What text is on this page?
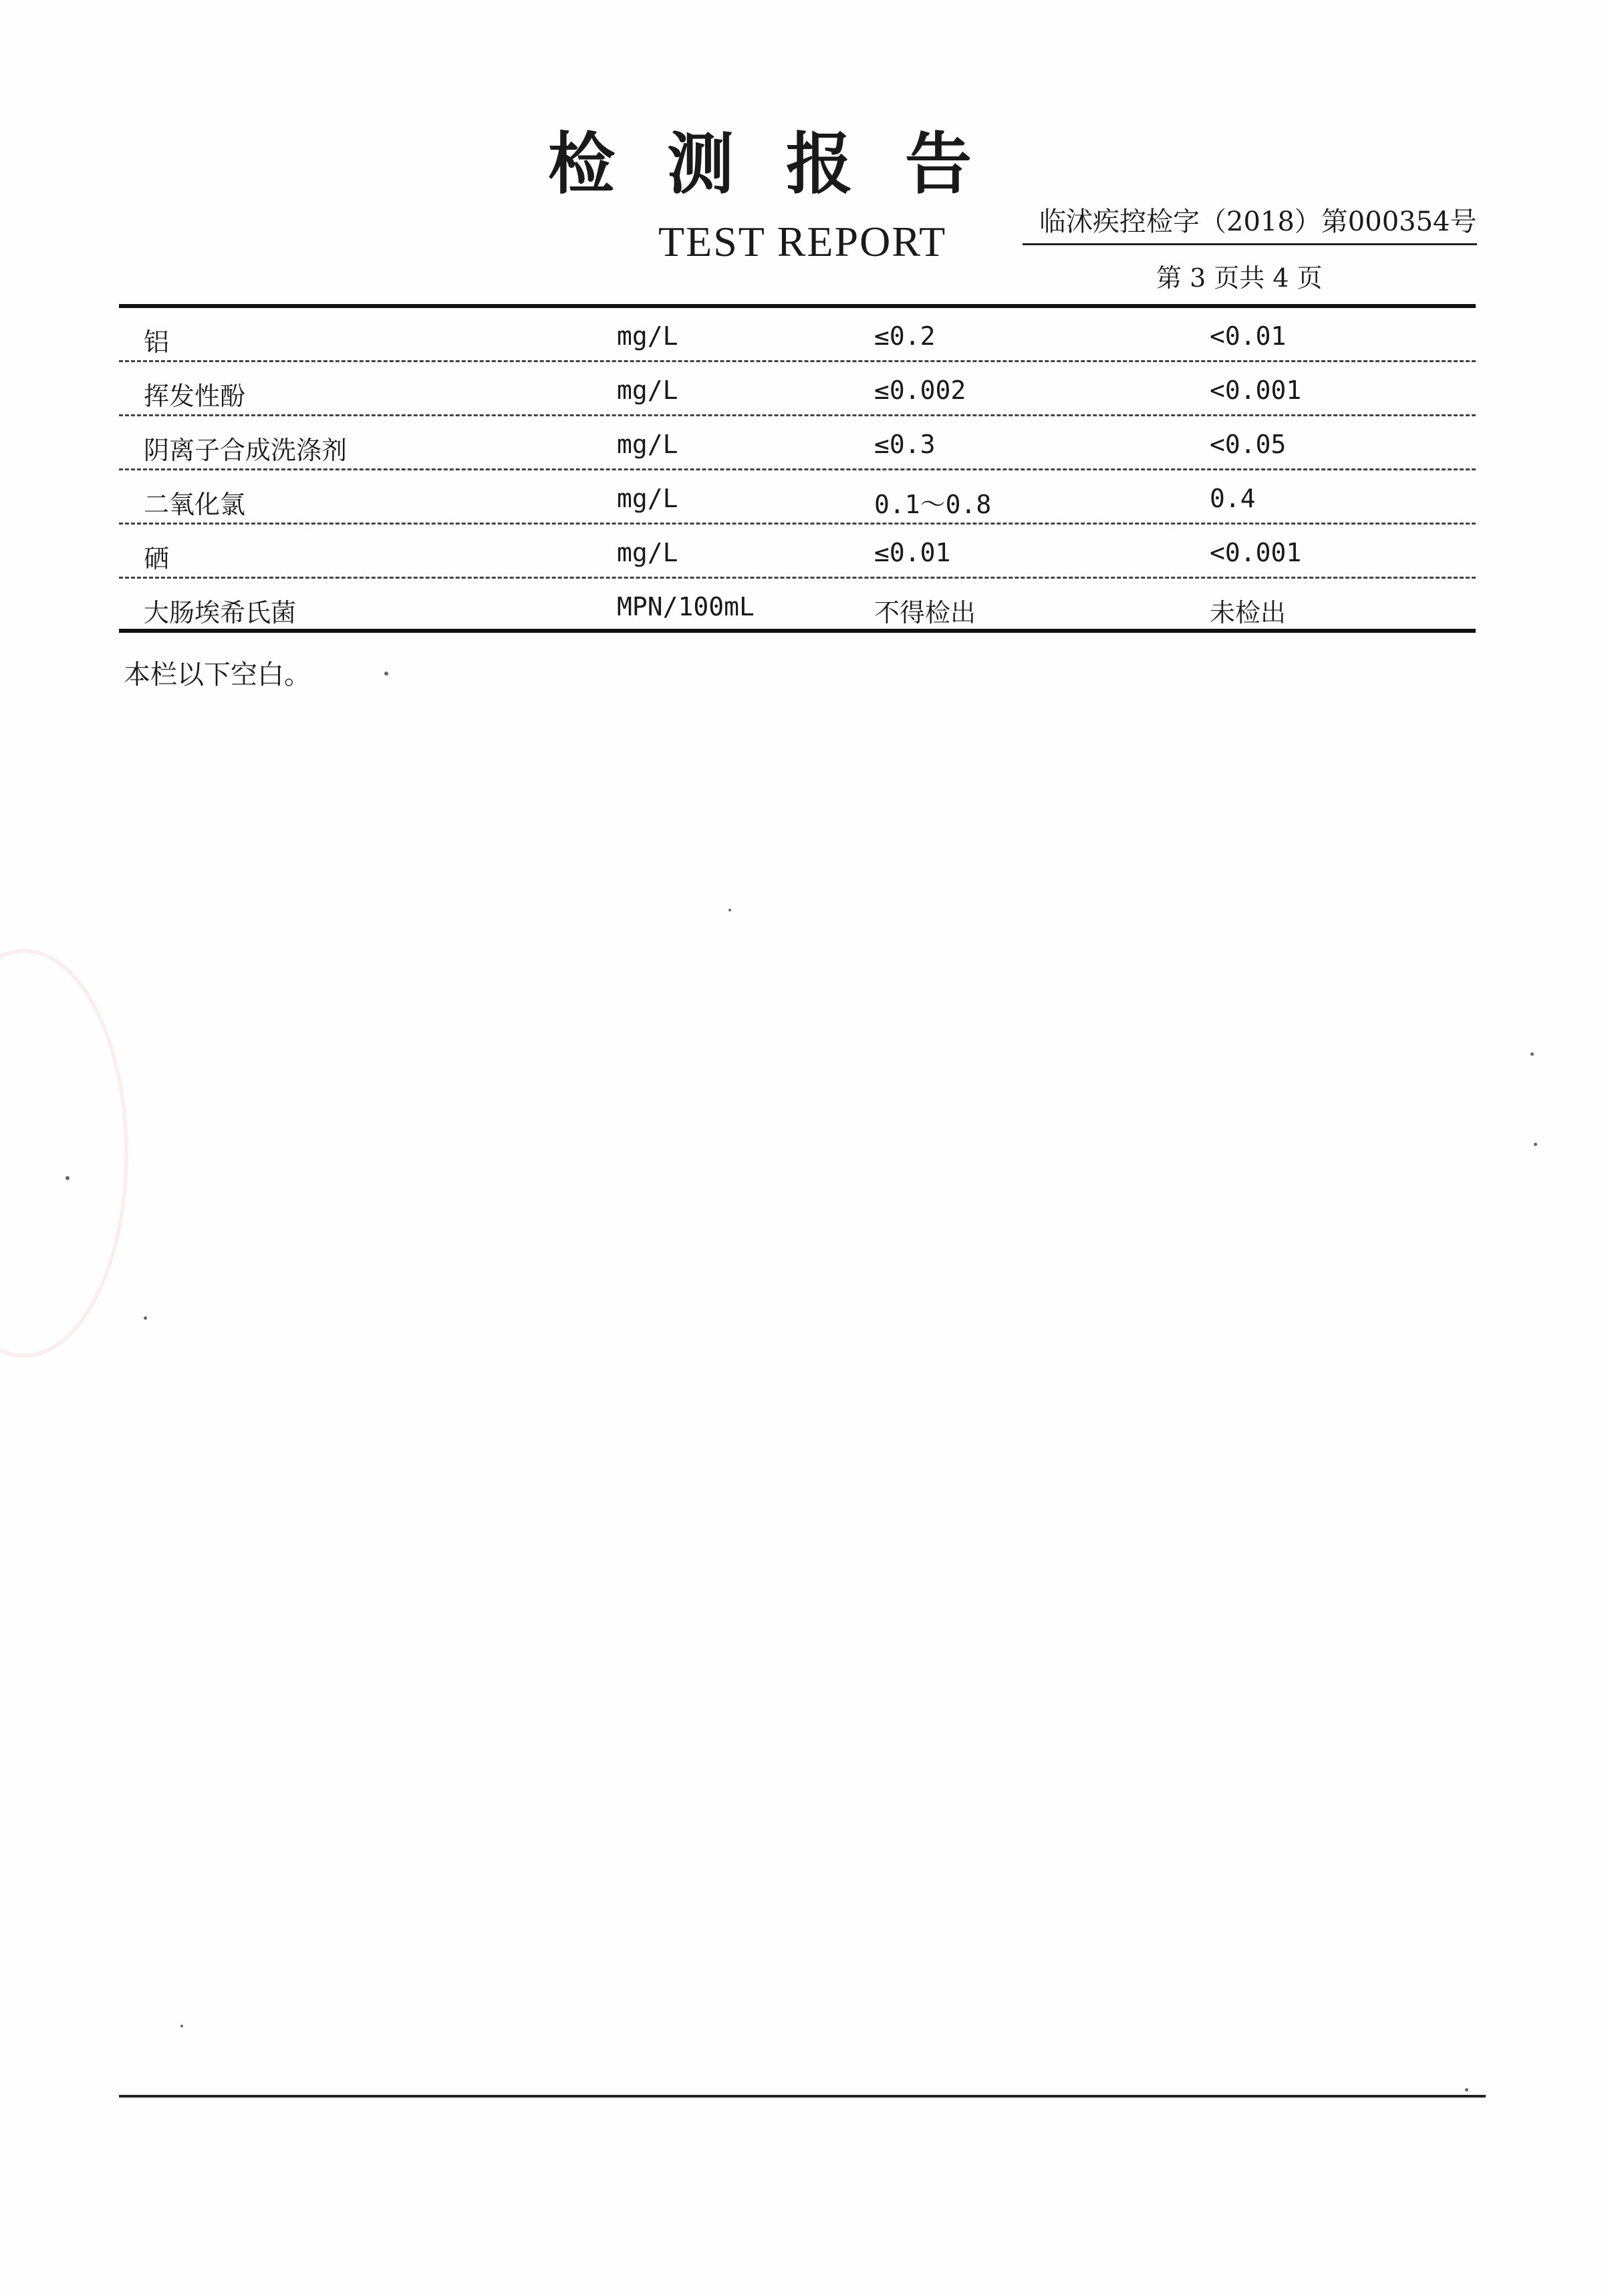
检测报告
TEST REPORT	临沭疾控检字（2018）第000354号
第 3 页共 4 页
铝	mg/L	≤0.2	<0.01
挥发性酚	mg/L	≤0.002	<0.001
阴离子合成洗涤剂	mg/L	≤0.3	<0.05
二氧化氯	mg/L	0.1～0.8	0.4
硒	mg/L	≤0.01	<0.001
大肠埃希氏菌	MPN/100mL	不得检出	未检出
本栏以下空白。
